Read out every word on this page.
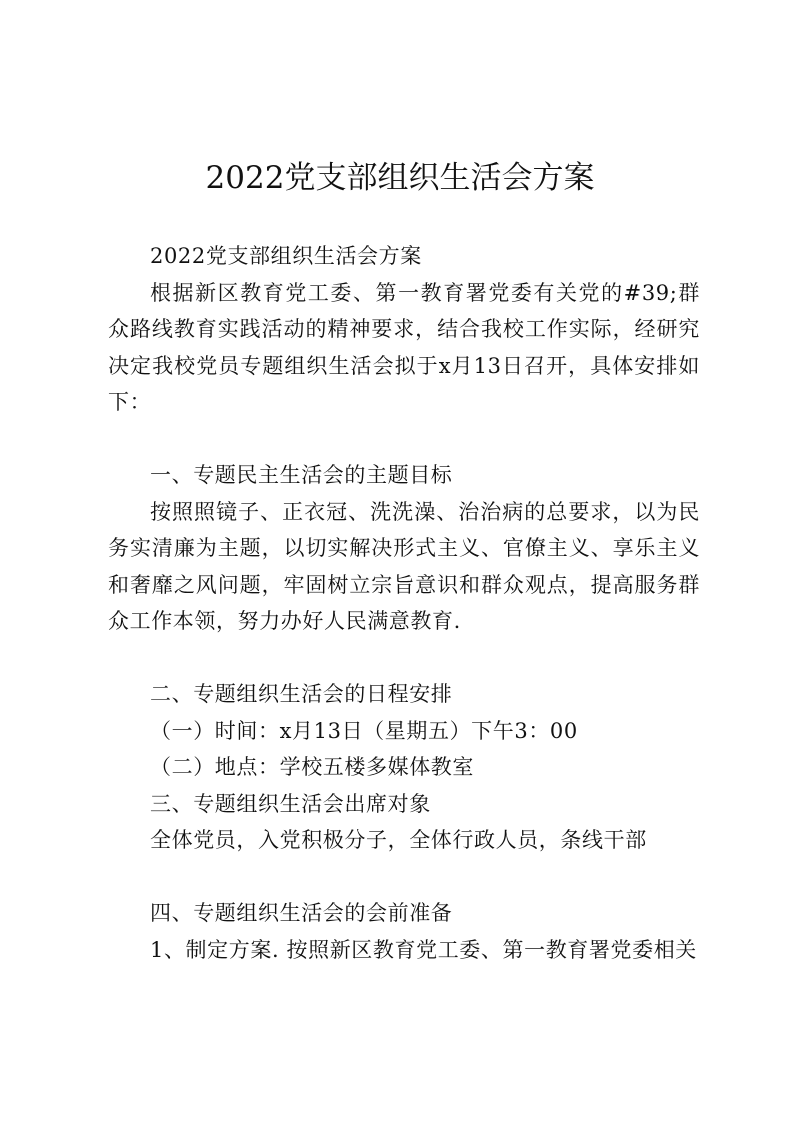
2022党支部组织生活会方案

2022党支部组织生活会方案

根据新区教育党工委、第一教育署党委有关党的#39;群众路线教育实践活动的精神要求，结合我校工作实际，经研究决定我校党员专题组织生活会拟于x月13日召开，具体安排如下：

一、专题民主生活会的主题目标

按照照镜子、正衣冠、洗洗澡、治治病的总要求，以为民务实清廉为主题，以切实解决形式主义、官僚主义、享乐主义和奢靡之风问题，牢固树立宗旨意识和群众观点，提高服务群众工作本领，努力办好人民满意教育.

二、专题组织生活会的日程安排

（一）时间：x月13日（星期五）下午3：00

（二）地点：学校五楼多媒体教室

三、专题组织生活会出席对象

全体党员，入党积极分子，全体行政人员，条线干部

四、专题组织生活会的会前准备

1、制定方案. 按照新区教育党工委、第一教育署党委相关
